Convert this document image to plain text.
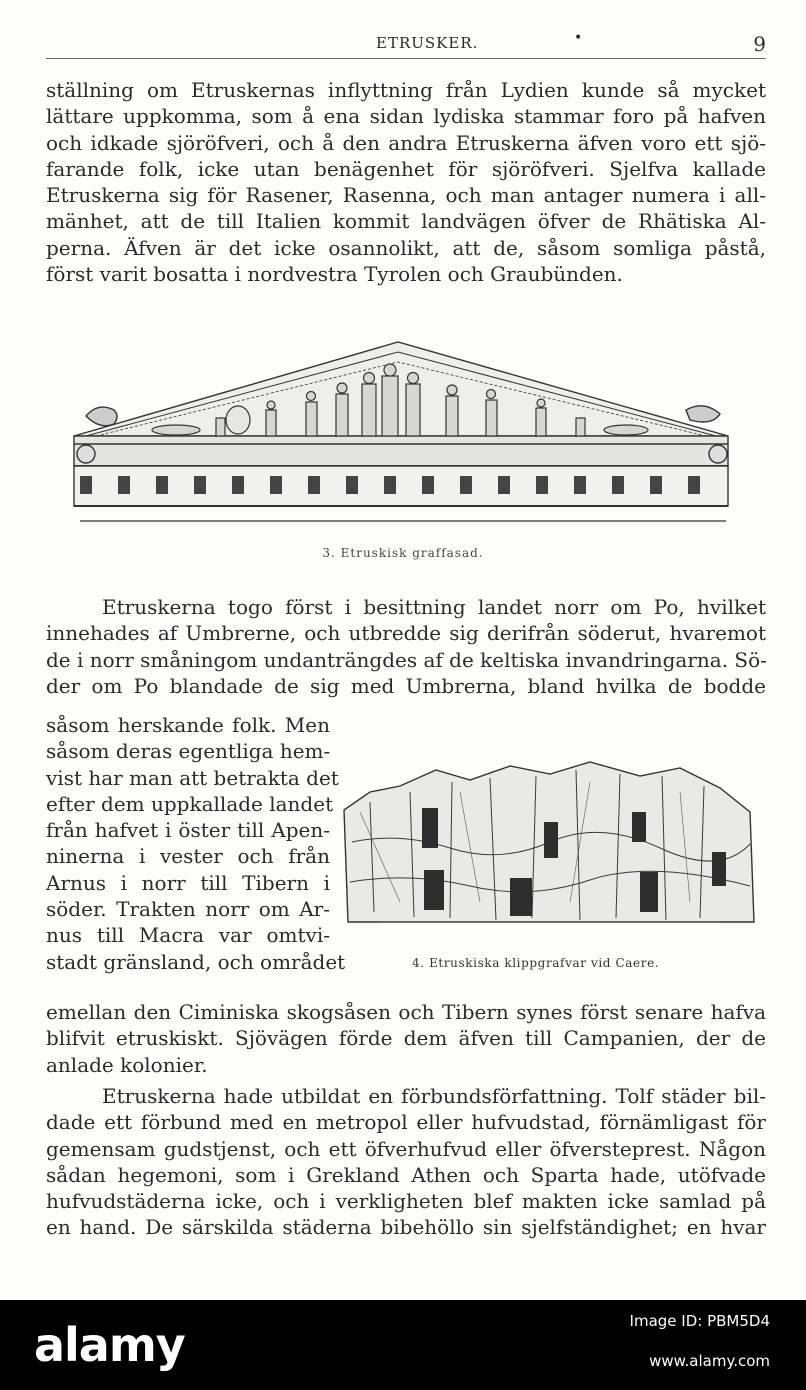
ETRUSKER.	•	9
ställning om Etruskernas inflyttning från Lydien kunde så mycket
lättare uppkomma, som å ena sidan lydiska stammar foro på hafven
och idkade sjöröfveri, och å den andra Etruskerna äfven voro ett sjö-
farande folk, icke utan benägenhet för sjöröfveri. Sjelfva kallade
Etruskerna sig för Rasener, Rasenna, och man antager numera i all-
mänhet, att de till Italien kommit landvägen öfver de Rhätiska Al-
perna. Äfven är det icke osannolikt, att de, såsom somliga påstå,
först varit bosatta i nordvestra Tyrolen och Graubünden.
3. Etruskisk graffasad.
Etruskerna togo först i besittning landet norr om Po, hvilket
innehades af Umbrerne, och utbredde sig derifrån söderut, hvaremot
de i norr småningom undanträngdes af de keltiska invandringarna. Sö-
der om Po blandade de sig med Umbrerna, bland hvilka de bodde
såsom herskande folk. Men
såsom deras egentliga hem-
vist har man att betrakta det
efter dem uppkallade landet
från hafvet i öster till Apen-
ninerna i vester och från
Arnus i norr till Tibern i
söder. Trakten norr om Ar-
nus till Macra var omtvi-
stadt gränsland, och området	4. Etruskiska klippgrafvar vid Caere.
emellan den Ciminiska skogsåsen och Tibern synes först senare hafva
blifvit etruskiskt. Sjövägen förde dem äfven till Campanien, der de
anlade kolonier.
Etruskerna hade utbildat en förbundsförfattning. Tolf städer bil-
dade ett förbund med en metropol eller hufvudstad, förnämligast för
gemensam gudstjenst, och ett öfverhufvud eller öfversteprest. Någon
sådan hegemoni, som i Grekland Athen och Sparta hade, utöfvade
hufvudstäderna icke, och i verkligheten blef makten icke samlad på
en hand. De särskilda städerna bibehöllo sin sjelfständighet; en hvar
alamy	Image ID: PBM5D4
www.alamy.com
